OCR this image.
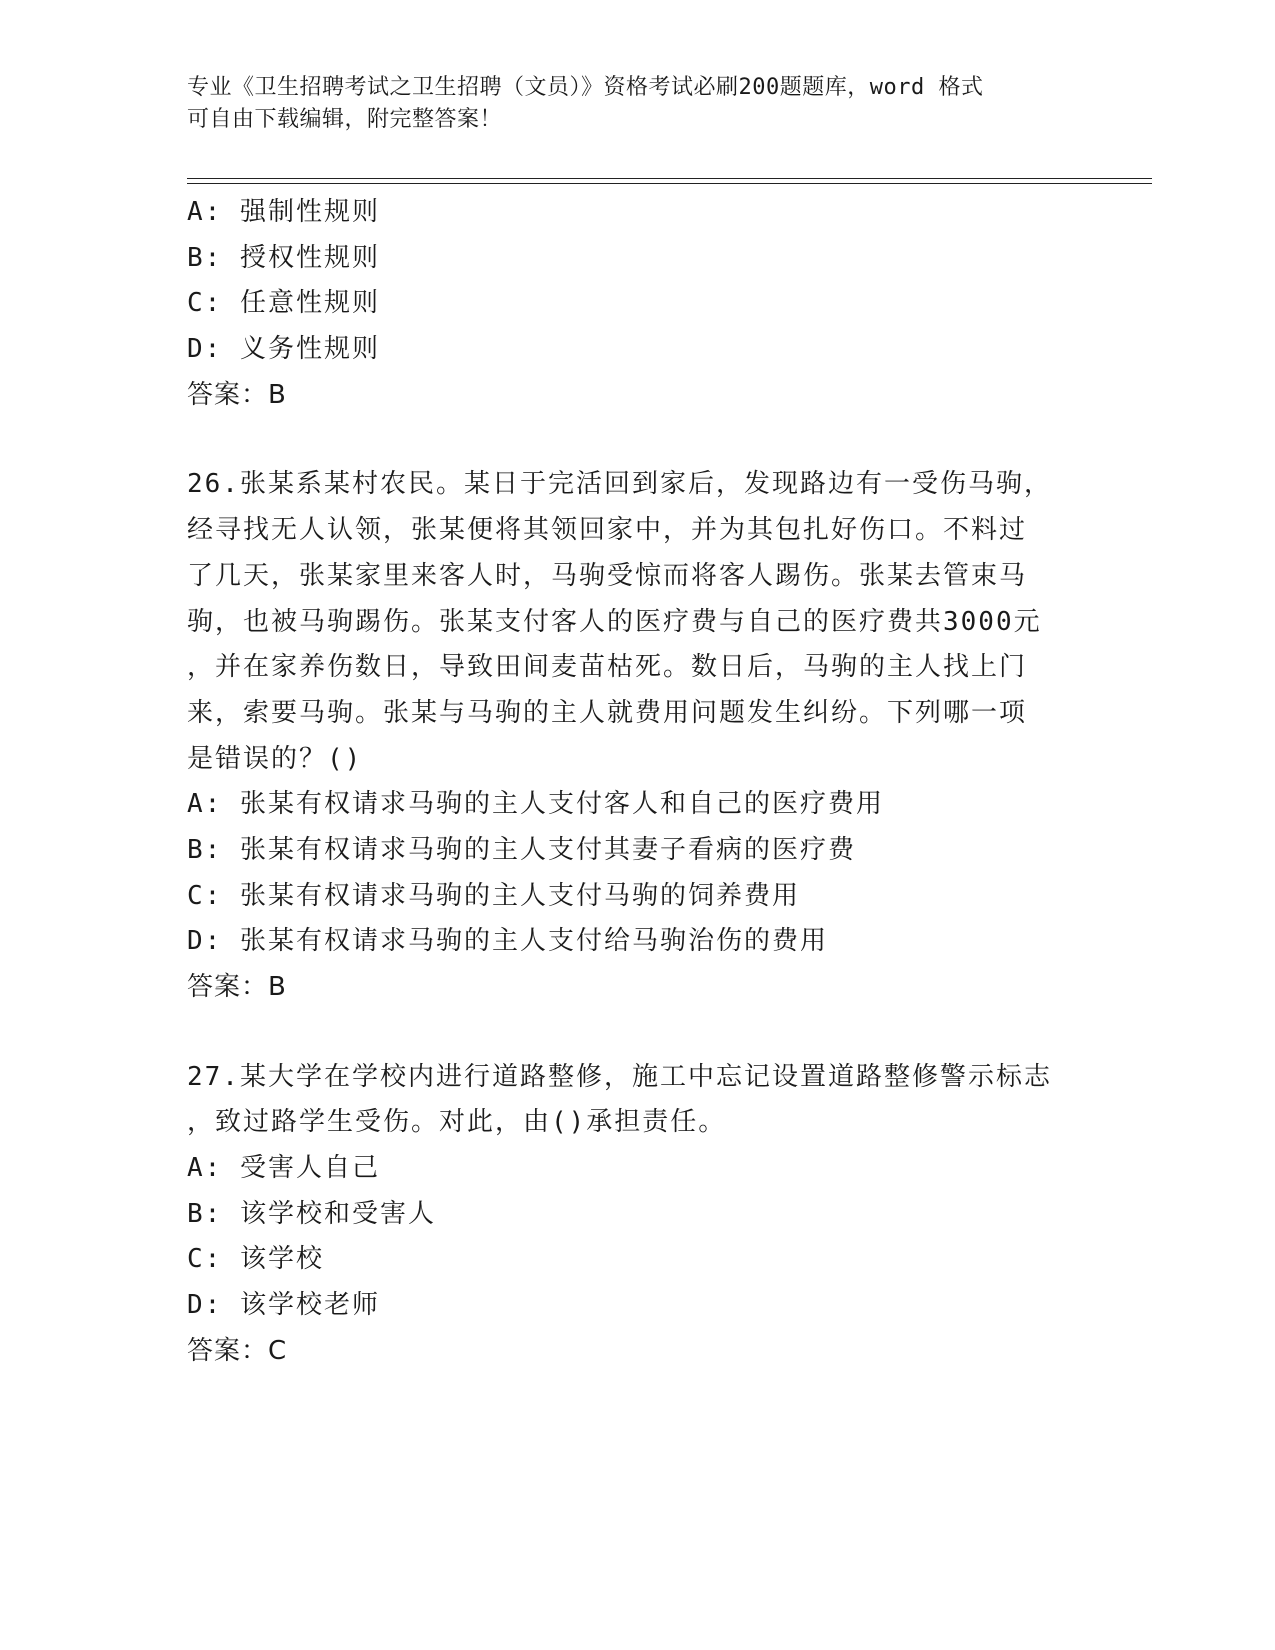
专业《卫生招聘考试之卫生招聘（文员）》资格考试必刷200题题库，word 格式
可自由下载编辑，附完整答案！
A: 强制性规则
B: 授权性规则
C: 任意性规则
D: 义务性规则
答案：B
26.张某系某村农民。某日于完活回到家后，发现路边有一受伤马驹，
经寻找无人认领，张某便将其领回家中，并为其包扎好伤口。不料过
了几天，张某家里来客人时，马驹受惊而将客人踢伤。张某去管束马
驹，也被马驹踢伤。张某支付客人的医疗费与自己的医疗费共3000元
，并在家养伤数日，导致田间麦苗枯死。数日后，马驹的主人找上门
来，索要马驹。张某与马驹的主人就费用问题发生纠纷。下列哪一项
是错误的？()
A: 张某有权请求马驹的主人支付客人和自己的医疗费用
B: 张某有权请求马驹的主人支付其妻子看病的医疗费
C: 张某有权请求马驹的主人支付马驹的饲养费用
D: 张某有权请求马驹的主人支付给马驹治伤的费用
答案：B
27.某大学在学校内进行道路整修，施工中忘记设置道路整修警示标志
，致过路学生受伤。对此，由()承担责任。
A: 受害人自己
B: 该学校和受害人
C: 该学校
D: 该学校老师
答案：C
